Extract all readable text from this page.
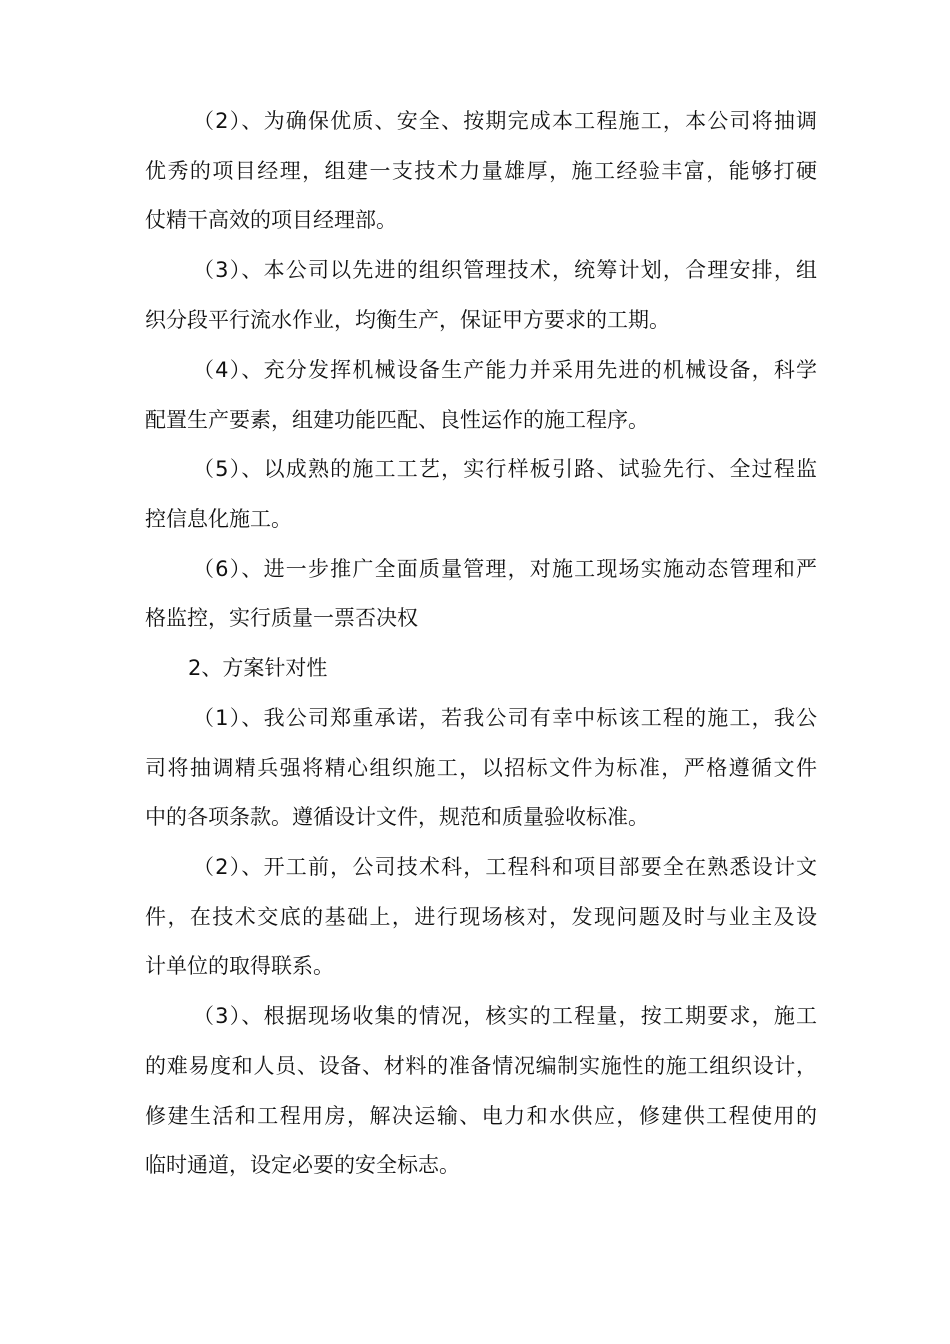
（2）、为确保优质、安全、按期完成本工程施工，本公司将抽调
优秀的项目经理，组建一支技术力量雄厚，施工经验丰富，能够打硬
仗精干高效的项目经理部。
（3）、本公司以先进的组织管理技术，统筹计划，合理安排，组
织分段平行流水作业，均衡生产，保证甲方要求的工期。
（4）、充分发挥机械设备生产能力并采用先进的机械设备，科学
配置生产要素，组建功能匹配、良性运作的施工程序。
（5）、以成熟的施工工艺，实行样板引路、试验先行、全过程监
控信息化施工。
（6）、进一步推广全面质量管理，对施工现场实施动态管理和严
格监控，实行质量一票否决权
2、方案针对性
（1）、我公司郑重承诺，若我公司有幸中标该工程的施工，我公
司将抽调精兵强将精心组织施工，以招标文件为标准，严格遵循文件
中的各项条款。遵循设计文件，规范和质量验收标准。
（2）、开工前，公司技术科，工程科和项目部要全在熟悉设计文
件，在技术交底的基础上，进行现场核对，发现问题及时与业主及设
计单位的取得联系。
（3）、根据现场收集的情况，核实的工程量，按工期要求，施工
的难易度和人员、设备、材料的准备情况编制实施性的施工组织设计，
修建生活和工程用房，解决运输、电力和水供应，修建供工程使用的
临时通道，设定必要的安全标志。
